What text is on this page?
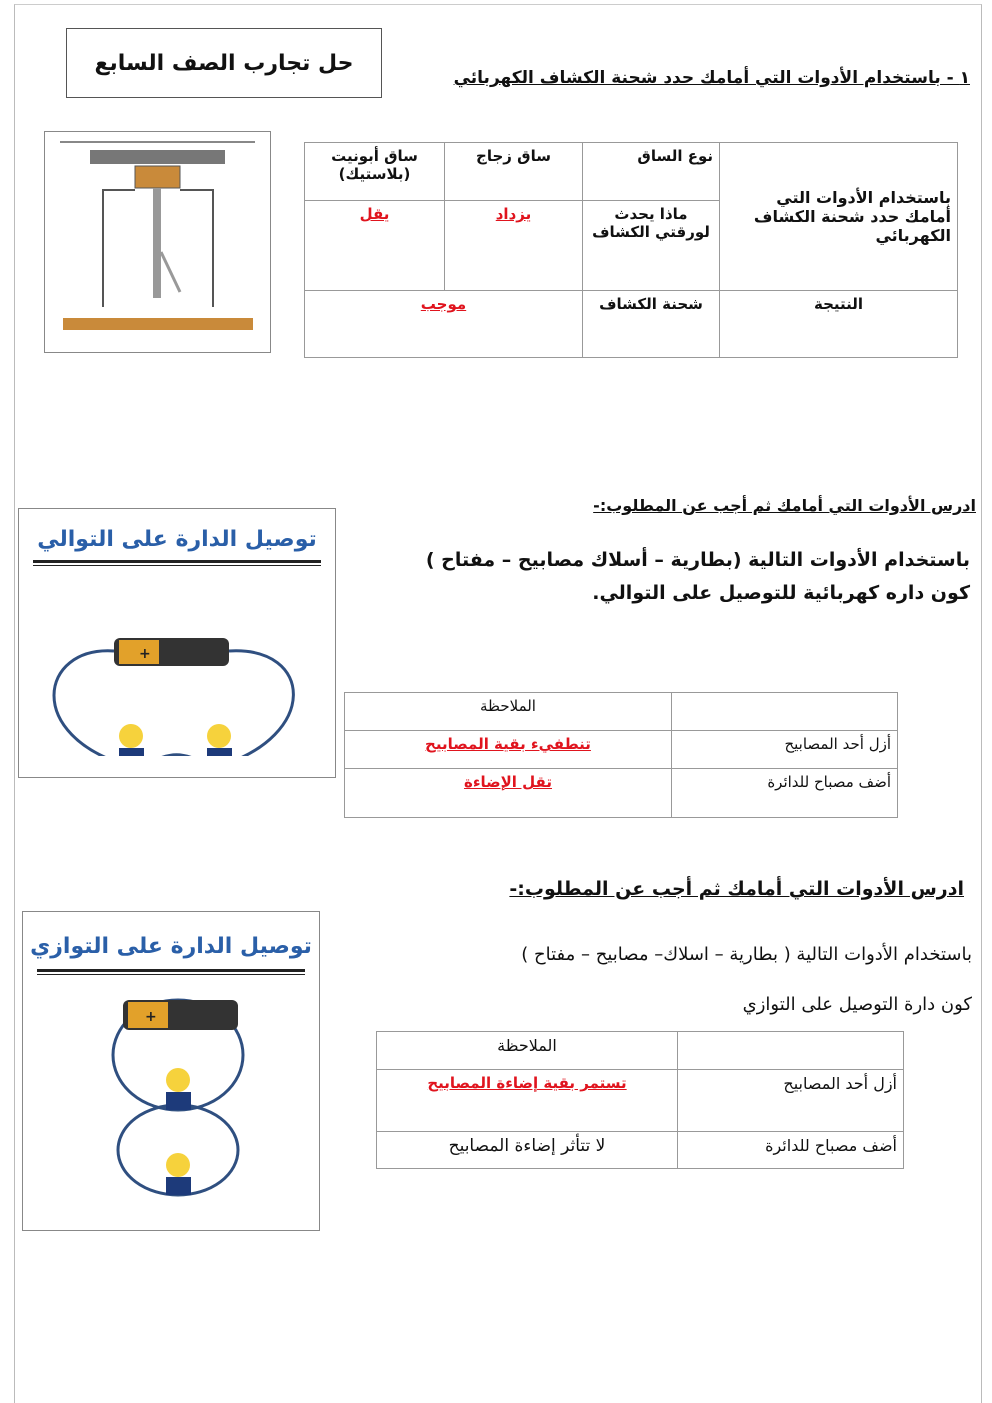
حل تجارب الصف السابع
١ - باستخدام الأدوات التي أمامك حدد شحنة الكشاف الكهربائي
باستخدام الأدوات التي أمامك حدد شحنة الكشاف الكهربائي	نوع الساق	ساق زجاج	ساق أبونيت (بلاستيك)
	ماذا يحدث لورقتي الكشاف	يزداد	يقل
النتيجة	شحنة الكشاف	موجب	
ادرس الأدوات التي أمامك ثم أجب عن المطلوب:-
باستخدام الأدوات التالية (بطارية – أسلاك مصابيح – مفتاح )
كون داره كهربائية للتوصيل على التوالي.
توصيل الدارة على التوالي
+
	الملاحظة
أزل أحد المصابيح	تنطفيء بقية المصابيح
أضف مصباح للدائرة	تقل الإضاءة
ادرس الأدوات التي أمامك ثم أجب عن المطلوب:-
باستخدام الأدوات التالية ( بطارية – اسلاك– مصابيح – مفتاح )
كون دارة التوصيل على التوازي
توصيل الدارة على التوازي
+
	الملاحظة
أزل أحد المصابيح	تستمر بقية إضاءة المصابيح
أضف مصباح للدائرة	لا تتأثر إضاءة المصابيح
